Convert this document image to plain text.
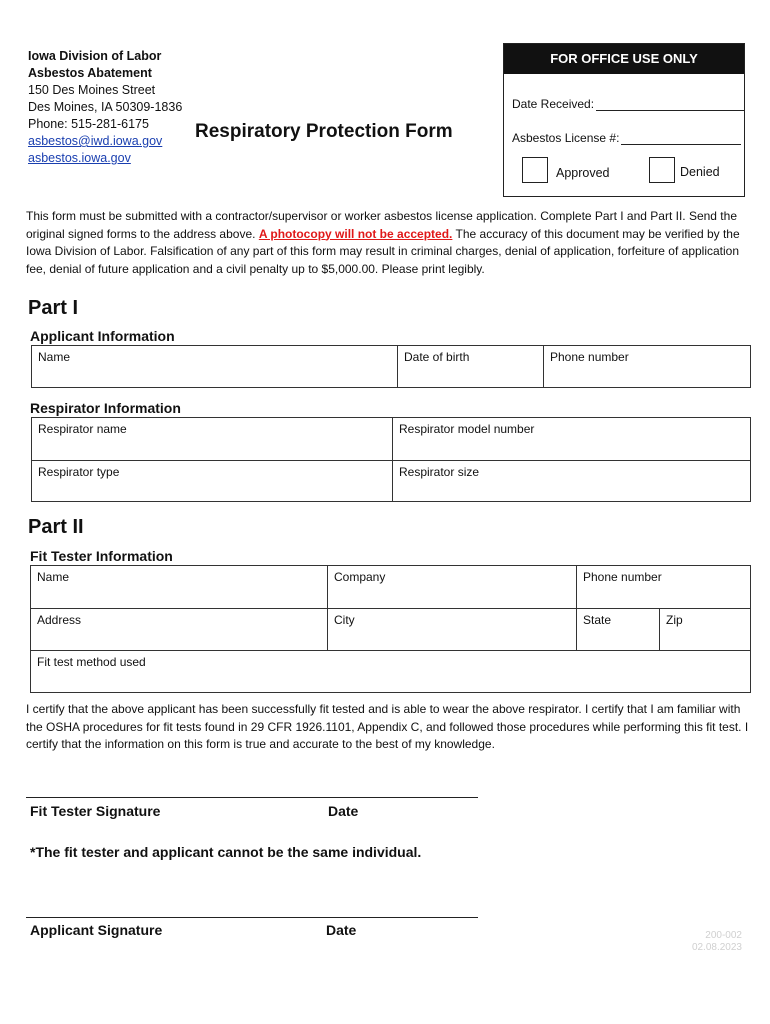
Iowa Division of Labor
Asbestos Abatement
150 Des Moines Street
Des Moines, IA 50309-1836
Phone: 515-281-6175
asbestos@iwd.iowa.gov
asbestos.iowa.gov
Respiratory Protection Form
FOR OFFICE USE ONLY
Date Received:
Asbestos License #:
Approved	Denied
This form must be submitted with a contractor/supervisor or worker asbestos license application. Complete Part I and Part II. Send the original signed forms to the address above. A photocopy will not be accepted. The accuracy of this document may be verified by the Iowa Division of Labor. Falsification of any part of this form may result in criminal charges, denial of application, forfeiture of application fee, denial of future application and a civil penalty up to $5,000.00. Please print legibly.
Part I
Applicant Information
Name	Date of birth	Phone number
Respirator Information
Respirator name	Respirator model number
Respirator type	Respirator size
Part II
Fit Tester Information
Name	Company	Phone number
Address	City	State	Zip
Fit test method used
I certify that the above applicant has been successfully fit tested and is able to wear the above respirator. I certify that I am familiar with the OSHA procedures for fit tests found in 29 CFR 1926.1101, Appendix C, and followed those procedures while performing this fit test. I certify that the information on this form is true and accurate to the best of my knowledge.
Fit Tester Signature	Date
*The fit tester and applicant cannot be the same individual.
Applicant Signature	Date	200-002
02.08.2023
